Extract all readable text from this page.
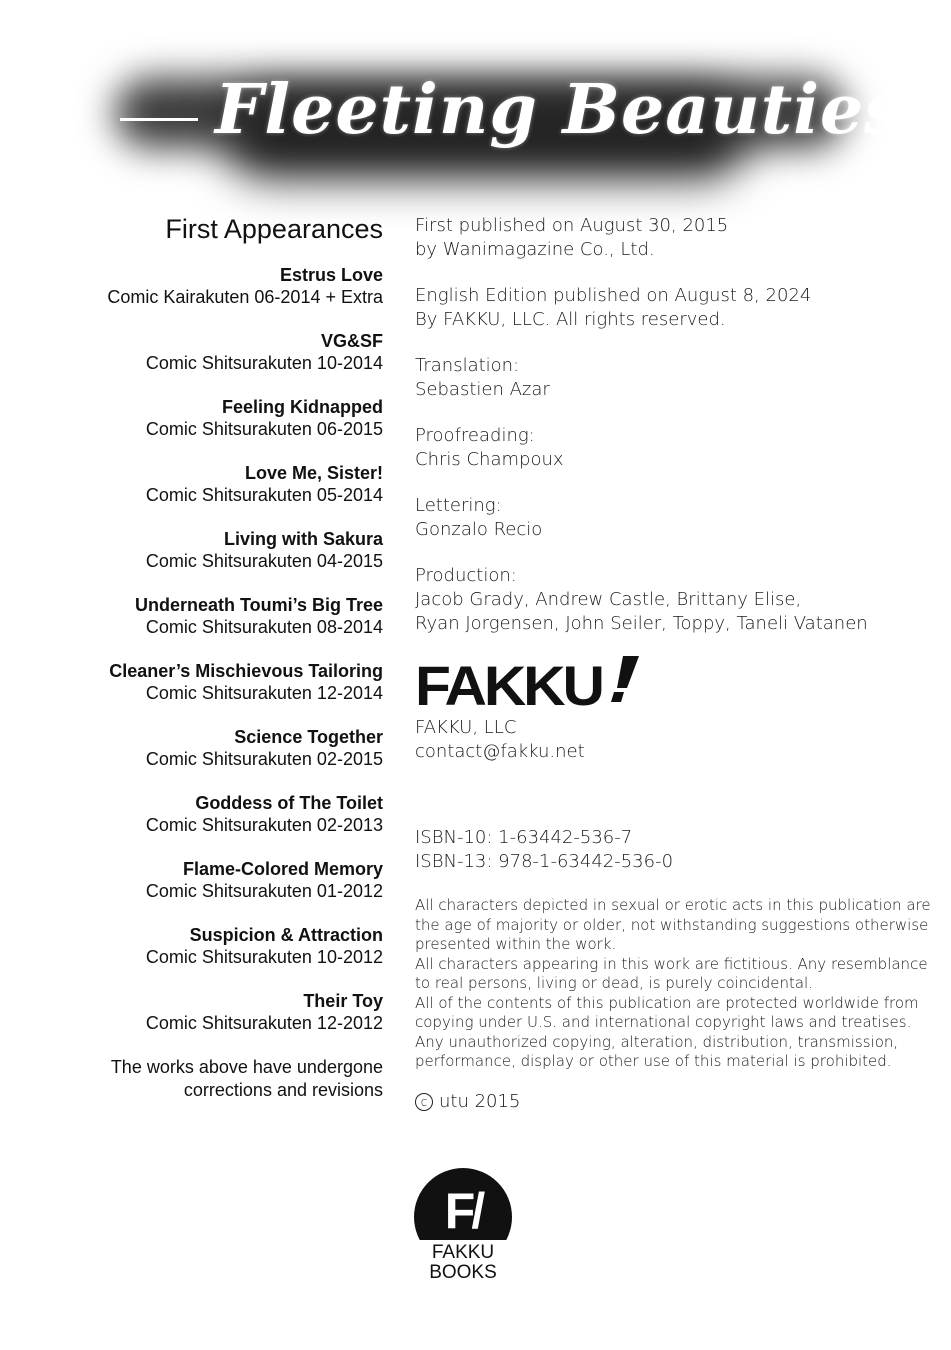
Fleeting Beauties
First Appearances
Estrus Love
Comic Kairakuten 06-2014 + Extra
VG&SF
Comic Shitsurakuten 10-2014
Feeling Kidnapped
Comic Shitsurakuten 06-2015
Love Me, Sister!
Comic Shitsurakuten 05-2014
Living with Sakura
Comic Shitsurakuten 04-2015
Underneath Toumi’s Big Tree
Comic Shitsurakuten 08-2014
Cleaner’s Mischievous Tailoring
Comic Shitsurakuten 12-2014
Science Together
Comic Shitsurakuten 02-2015
Goddess of The Toilet
Comic Shitsurakuten 02-2013
Flame-Colored Memory
Comic Shitsurakuten 01-2012
Suspicion & Attraction
Comic Shitsurakuten 10-2012
Their Toy
Comic Shitsurakuten 12-2012
The works above have undergone
corrections and revisions
First published on August 30, 2015
by Wanimagazine Co., Ltd.
English Edition published on August 8, 2024
By FAKKU, LLC. All rights reserved.
Translation:
Sebastien Azar
Proofreading:
Chris Champoux
Lettering:
Gonzalo Recio
Production:
Jacob Grady, Andrew Castle, Brittany Elise,
Ryan Jorgensen, John Seiler, Toppy, Taneli Vatanen
FAKKU
FAKKU, LLC
contact@fakku.net
ISBN-10: 1-63442-536-7
ISBN-13: 978-1-63442-536-0
All characters depicted in sexual or erotic acts in this publication are
the age of majority or older, not withstanding suggestions otherwise
presented within the work.
All characters appearing in this work are fictitious. Any resemblance
to real persons, living or dead, is purely coincidental.
All of the contents of this publication are protected worldwide from
copying under U.S. and international copyright laws and treatises.
Any unauthorized copying, alteration, distribution, transmission,
performance, display or other use of this material is prohibited.
c utu 2015
F/
FAKKU
BOOKS
